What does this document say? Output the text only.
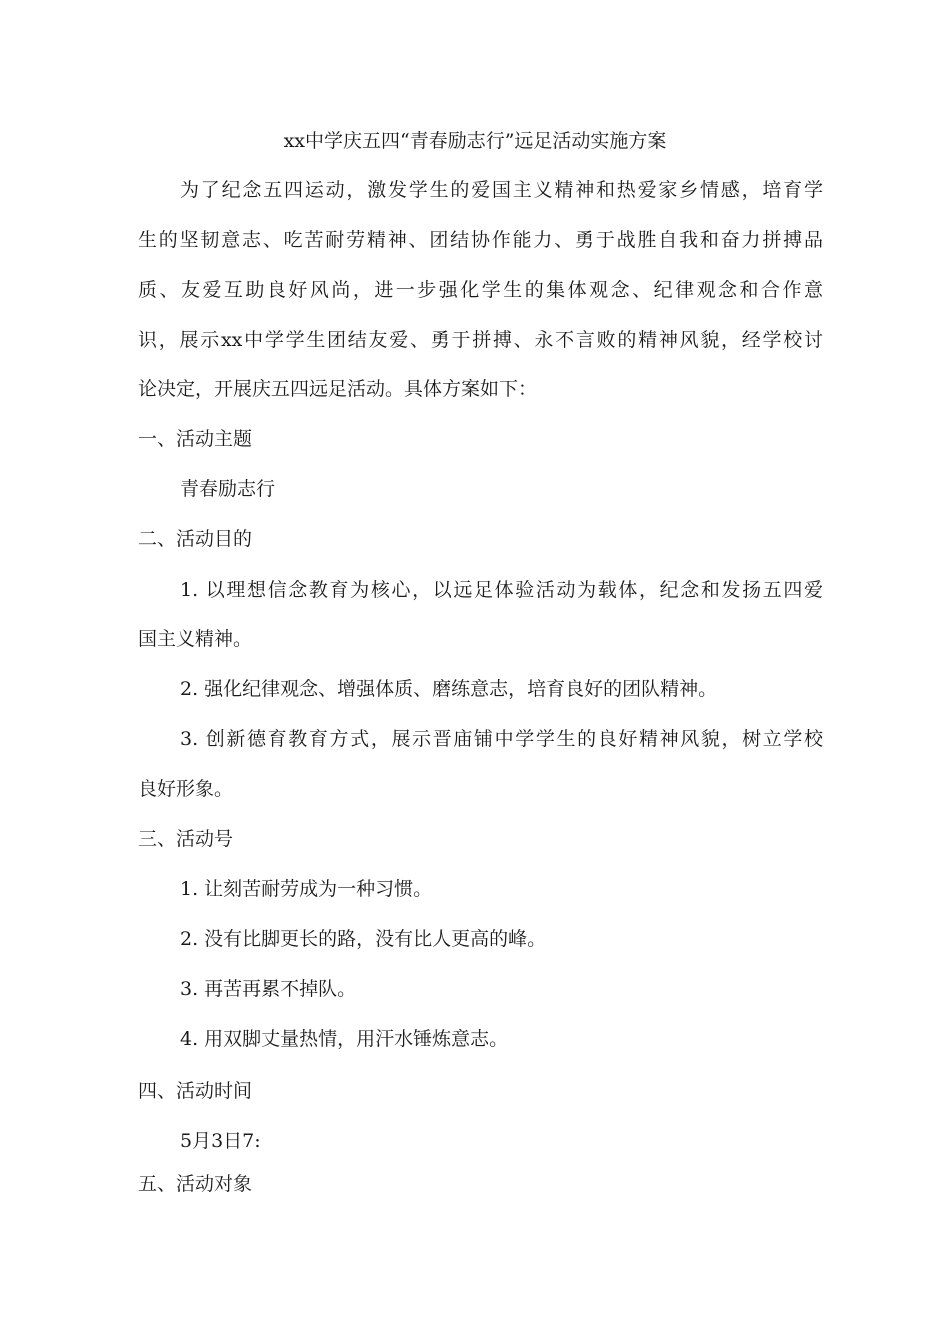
xx中学庆五四“青春励志行”远足活动实施方案
为了纪念五四运动，激发学生的爱国主义精神和热爱家乡情感，培育学
生的坚韧意志、吃苦耐劳精神、团结协作能力、勇于战胜自我和奋力拼搏品
质、友爱互助良好风尚，进一步强化学生的集体观念、纪律观念和合作意
识，展示xx中学学生团结友爱、勇于拼搏、永不言败的精神风貌，经学校讨
论决定，开展庆五四远足活动。具体方案如下：
一、活动主题
青春励志行
二、活动目的
1. 以理想信念教育为核心，以远足体验活动为载体，纪念和发扬五四爱
国主义精神。
2. 强化纪律观念、增强体质、磨练意志，培育良好的团队精神。
3. 创新德育教育方式，展示晋庙铺中学学生的良好精神风貌，树立学校
良好形象。
三、活动号
1. 让刻苦耐劳成为一种习惯。
2. 没有比脚更长的路，没有比人更高的峰。
3. 再苦再累不掉队。
4. 用双脚丈量热情，用汗水锤炼意志。
四、活动时间
5月3日7:
五、活动对象
